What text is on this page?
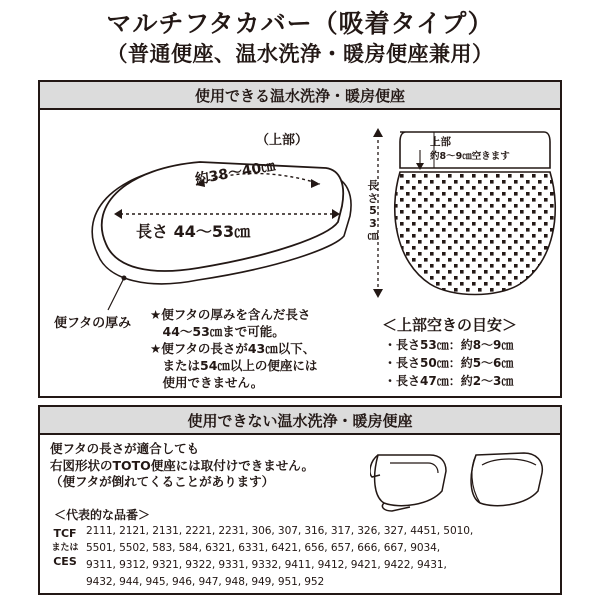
マルチフタカバー（吸着タイプ）
（普通便座、温水洗浄・暖房便座兼用）
使用できる温水洗浄・暖房便座
（上部）
約38～40㎝
長さ 44～53㎝
便フタの厚み
上部
約8～9㎝空きます
長
さ
5
3
㎝
★便フタの厚みを含んだ長さ
　44～53㎝まで可能。
★便フタの長さが43㎝以下、
　または54㎝以上の便座には
　使用できません。
＜上部空きの目安＞
・長さ53㎝：約8～9㎝
・長さ50㎝：約5～6㎝
・長さ47㎝：約2～3㎝
使用できない温水洗浄・暖房便座
便フタの長さが適合しても
右図形状のTOTO便座には取付けできません。
（便フタが倒れてくることがあります）
＜代表的な品番＞
TCF
または
CES
2111, 2121, 2131, 2221, 2231, 306, 307, 316, 317, 326, 327, 4451, 5010,
5501, 5502, 583, 584, 6321, 6331, 6421, 656, 657, 666, 667, 9034,
9311, 9312, 9321, 9322, 9331, 9332, 9411, 9412, 9421, 9422, 9431,
9432, 944, 945, 946, 947, 948, 949, 951, 952
